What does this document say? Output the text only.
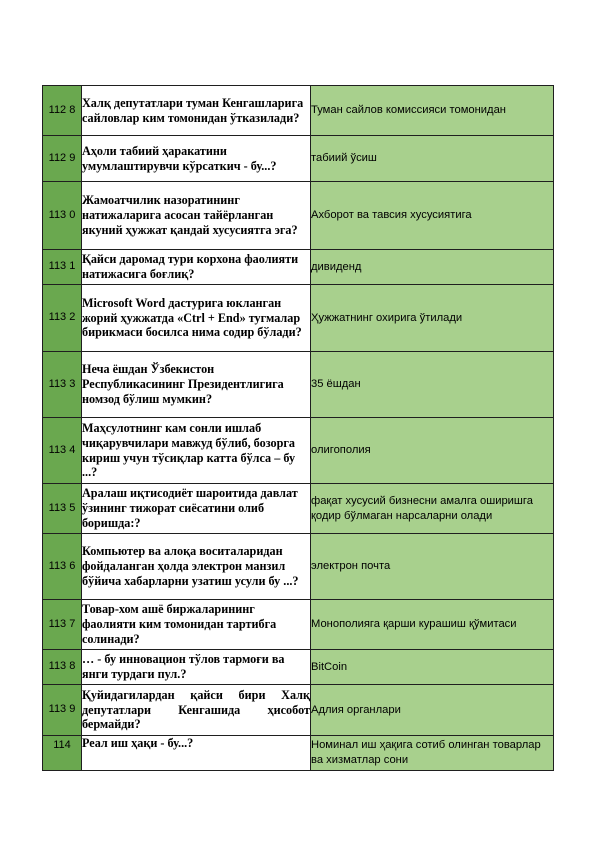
112 8	Халқ депутатлари туман Кенгашларига сайловлар ким томонидан ўтказилади?	Туман сайлов комиссияси томонидан
112 9	Аҳоли табиий ҳаракатини умумлаштирувчи кўрсаткич - бу...?	табиий ўсиш
113 0	Жамоатчилик назоратининг натижаларига асосан тайёрланган якуний ҳужжат қандай хусусиятга эга?	Ахборот ва тавсия хусусиятига
113 1	Қайси даромад тури корхона фаолияти натижасига боғлиқ?	дивиденд
113 2	Microsoft Word дастурига юкланган жорий ҳужжатда «Ctrl + End» тугмалар бирикмаси босилса нима содир бўлади?	Ҳужжатнинг охирига ўтилади
113 3	Неча ёшдан Ўзбекистон Республикасининг Президентлигига номзод бўлиш мумкин?	35 ёшдан
113 4	Маҳсулотнинг кам сонли ишлаб чиқарувчилари мавжуд бўлиб, бозорга кириш учун тўсиқлар катта бўлса – бу ...?	олигополия
113 5	Аралаш иқтисодиёт шароитида давлат ўзининг тижорат сиёсатини олиб боришда:?	фақат хусусий бизнесни амалга оширишга қодир бўлмаган нарсаларни олади
113 6	Компьютер ва алоқа воситаларидан фойдаланган ҳолда электрон манзил бўйича хабарларни узатиш усули бу ...?	электрон почта
113 7	Товар-хом ашё биржаларининг фаолияти ким томонидан тартибга солинади?	Монополияга қарши курашиш қўмитаси
113 8	… - бу инновацион тўлов тармоғи ва янги турдаги пул.?	BitCoin
113 9	Қуйидагилардан қайси бири Халқ депутатлари Кенгашида ҳисобот бермайди?	Адлия органлари
114	Реал иш ҳақи - бу...?	Номинал иш ҳақига сотиб олинган товарлар ва хизматлар сони
